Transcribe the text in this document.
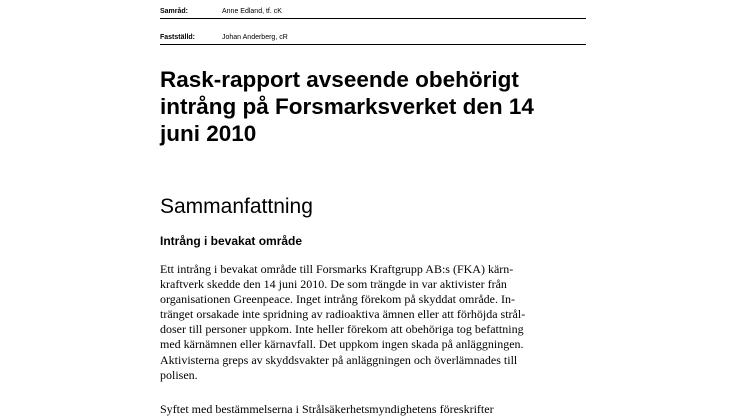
Samråd:	Anne Edland, tf. cK
Fastställd:	Johan Anderberg, cR
Rask-rapport avseende obehörigt
intrång på Forsmarksverket den 14
juni 2010
Sammanfattning
Intrång i bevakat område

Ett intrång i bevakat område till Forsmarks Kraftgrupp AB:s (FKA) kärn-
kraftverk skedde den 14 juni 2010. De som trängde in var aktivister från
organisationen Greenpeace. Inget intrång förekom på skyddat område. In-
tränget orsakade inte spridning av radioaktiva ämnen eller att förhöjda strål-
doser till personer uppkom. Inte heller förekom att obehöriga tog befattning
med kärnämnen eller kärnavfall. Det uppkom ingen skada på anläggningen.
Aktivisterna greps av skyddsvakter på anläggningen och överlämnades till
polisen.

Syftet med bestämmelserna i Strålsäkerhetsmyndighetens föreskrifter
